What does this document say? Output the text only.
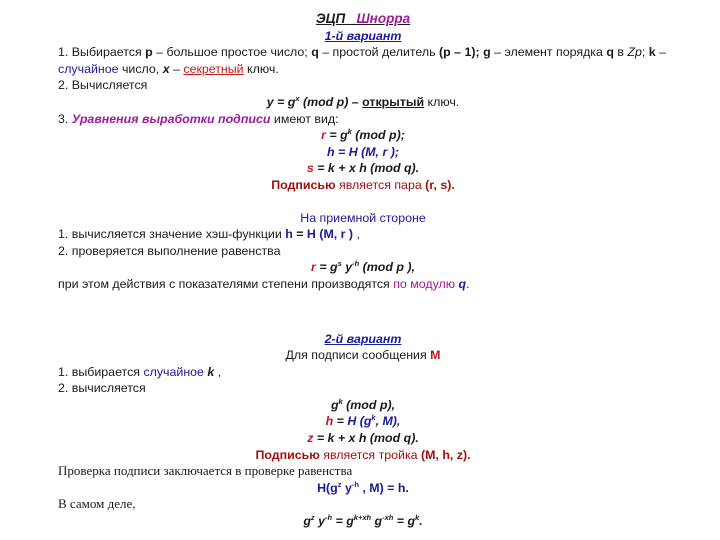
ЭЦП Шнорра
1-й вариант
1. Выбирается p – большое простое число; q – простой делитель (p – 1); g – элемент порядка q в Zp; k – случайное число, x – секретный ключ.
2. Вычисляется
$y = g^x$ (mod p) – открытый ключ.
3. Уравнения выработки подписи имеют вид:
$r = g^k$ (mod p);
h = H (M, r );
s = k + x h (mod q).
Подписью является пара (r, s).
На приемной стороне
1. вычисляется значение хэш-функции h = H (M, r ) ,
2. проверяется выполнение равенства
$r = g^s$ $y^{-h}$ (mod p ),
при этом действия с показателями степени производятся по модулю q.
2-й вариант
Для подписи сообщения M
1. выбирается случайное k ,
2. вычисляется
$g^k$ (mod p),
h = H ($g^k$, M),
z = k + x h (mod q).
Подписью является тройка (M, h, z).
Проверка подписи заключается в проверке равенства
$H(g^z$ $y^{-h}$ , M) = h.
В самом деле,
$g^z$ $y^{-h} = g^{k+xh}$ $g^{-xh} = g^k$.
